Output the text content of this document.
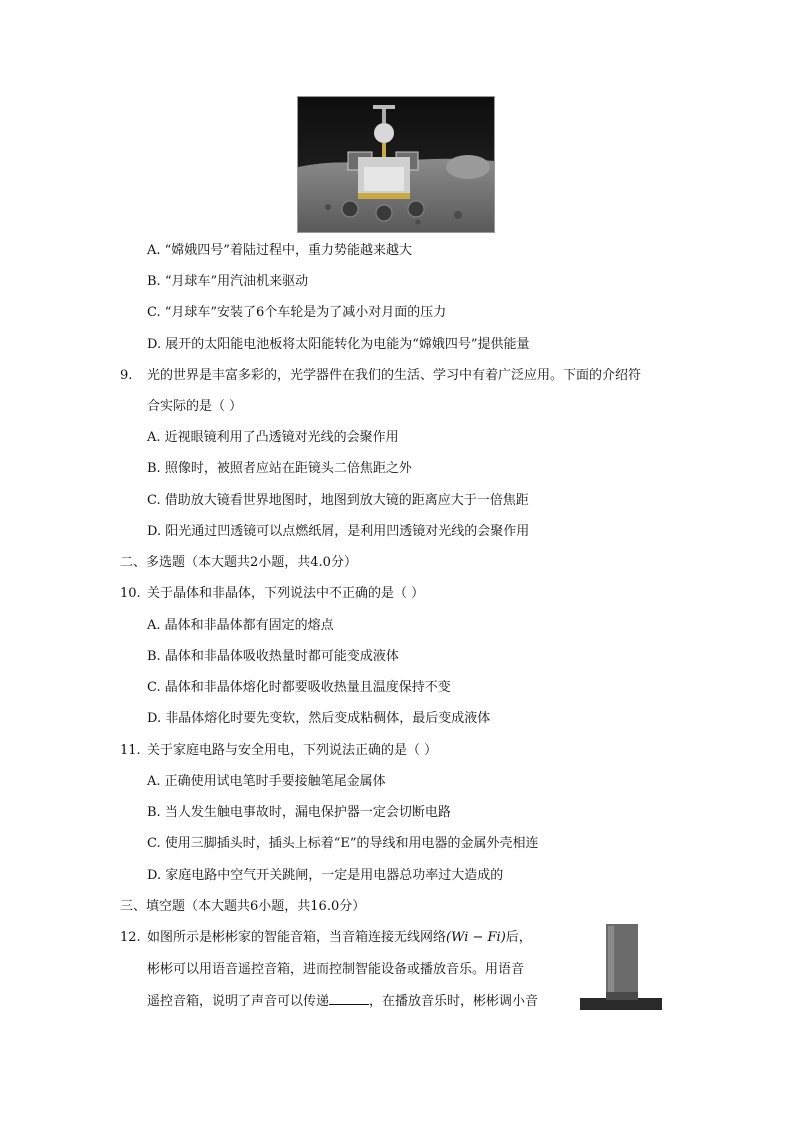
A. “嫦娥四号”着陆过程中，重力势能越来越大
B. “月球车”用汽油机来驱动
C. “月球车”安装了6个车轮是为了减小对月面的压力
D. 展开的太阳能电池板将太阳能转化为电能为“嫦娥四号”提供能量
9. 光的世界是丰富多彩的，光学器件在我们的生活、学习中有着广泛应用。下面的介绍符
合实际的是（ ）
A. 近视眼镜利用了凸透镜对光线的会聚作用
B. 照像时，被照者应站在距镜头二倍焦距之外
C. 借助放大镜看世界地图时，地图到放大镜的距离应大于一倍焦距
D. 阳光通过凹透镜可以点燃纸屑，是利用凹透镜对光线的会聚作用
二、多选题（本大题共2小题，共4.0分）
10. 关于晶体和非晶体，下列说法中不正确的是（ ）
A. 晶体和非晶体都有固定的熔点
B. 晶体和非晶体吸收热量时都可能变成液体
C. 晶体和非晶体熔化时都要吸收热量且温度保持不变
D. 非晶体熔化时要先变软，然后变成粘稠体，最后变成液体
11. 关于家庭电路与安全用电，下列说法正确的是（ ）
A. 正确使用试电笔时手要接触笔尾金属体
B. 当人发生触电事故时，漏电保护器一定会切断电路
C. 使用三脚插头时，插头上标着“E”的导线和用电器的金属外壳相连
D. 家庭电路中空气开关跳闸，一定是用电器总功率过大造成的
三、填空题（本大题共6小题，共16.0分）
12. 如图所示是彬彬家的智能音箱，当音箱连接无线网络(Wi − Fi)后，
彬彬可以用语音遥控音箱，进而控制智能设备或播放音乐。用语音
遥控音箱，说明了声音可以传递	，在播放音乐时，彬彬调小音
